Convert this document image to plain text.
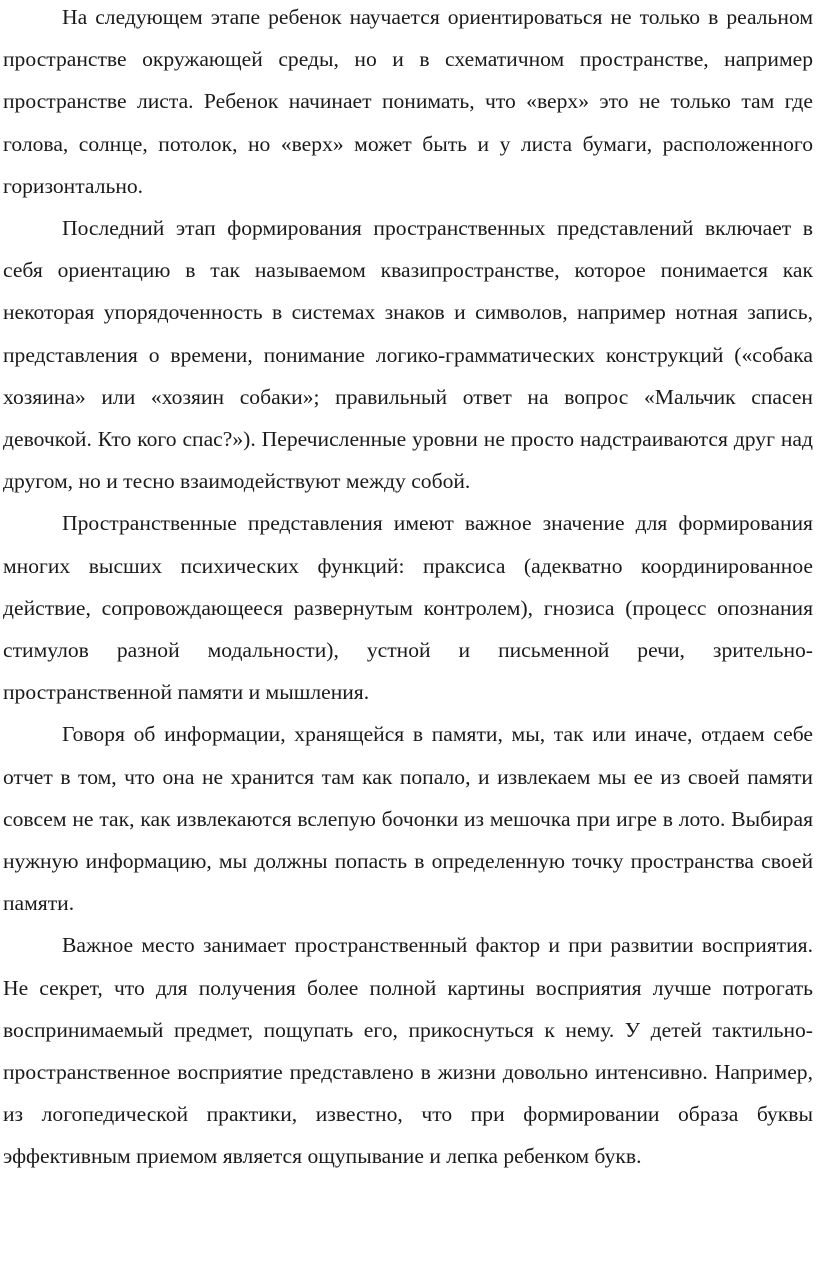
На следующем этапе ребенок научается ориентироваться не только в реальном пространстве окружающей среды, но и в схематичном пространстве, например пространстве листа. Ребенок начинает понимать, что «верх» это не только там где голова, солнце, потолок, но «верх» может быть и у листа бумаги, расположенного горизонтально.

Последний этап формирования пространственных представлений включает в себя ориентацию в так называемом квазипространстве, которое понимается как некоторая упорядоченность в системах знаков и символов, например нотная запись, представления о времени, понимание логико-грамматических конструкций («собака хозяина» или «хозяин собаки»; правильный ответ на вопрос «Мальчик спасен девочкой. Кто кого спас?»). Перечисленные уровни не просто надстраиваются друг над другом, но и тесно взаимодействуют между собой.

Пространственные представления имеют важное значение для формирования многих высших психических функций: праксиса (адекватно координированное действие, сопровождающееся развернутым контролем), гнозиса (процесс опознания стимулов разной модальности), устной и письменной речи, зрительно-пространственной памяти и мышления.

Говоря об информации, хранящейся в памяти, мы, так или иначе, отдаем себе отчет в том, что она не хранится там как попало, и извлекаем мы ее из своей памяти совсем не так, как извлекаются вслепую бочонки из мешочка при игре в лото. Выбирая нужную информацию, мы должны попасть в определенную точку пространства своей памяти.

Важное место занимает пространственный фактор и при развитии восприятия. Не секрет, что для получения более полной картины восприятия лучше потрогать воспринимаемый предмет, пощупать его, прикоснуться к нему. У детей тактильно-пространственное восприятие представлено в жизни довольно интенсивно. Например, из логопедической практики, известно, что при формировании образа буквы эффективным приемом является ощупывание и лепка ребенком букв.
